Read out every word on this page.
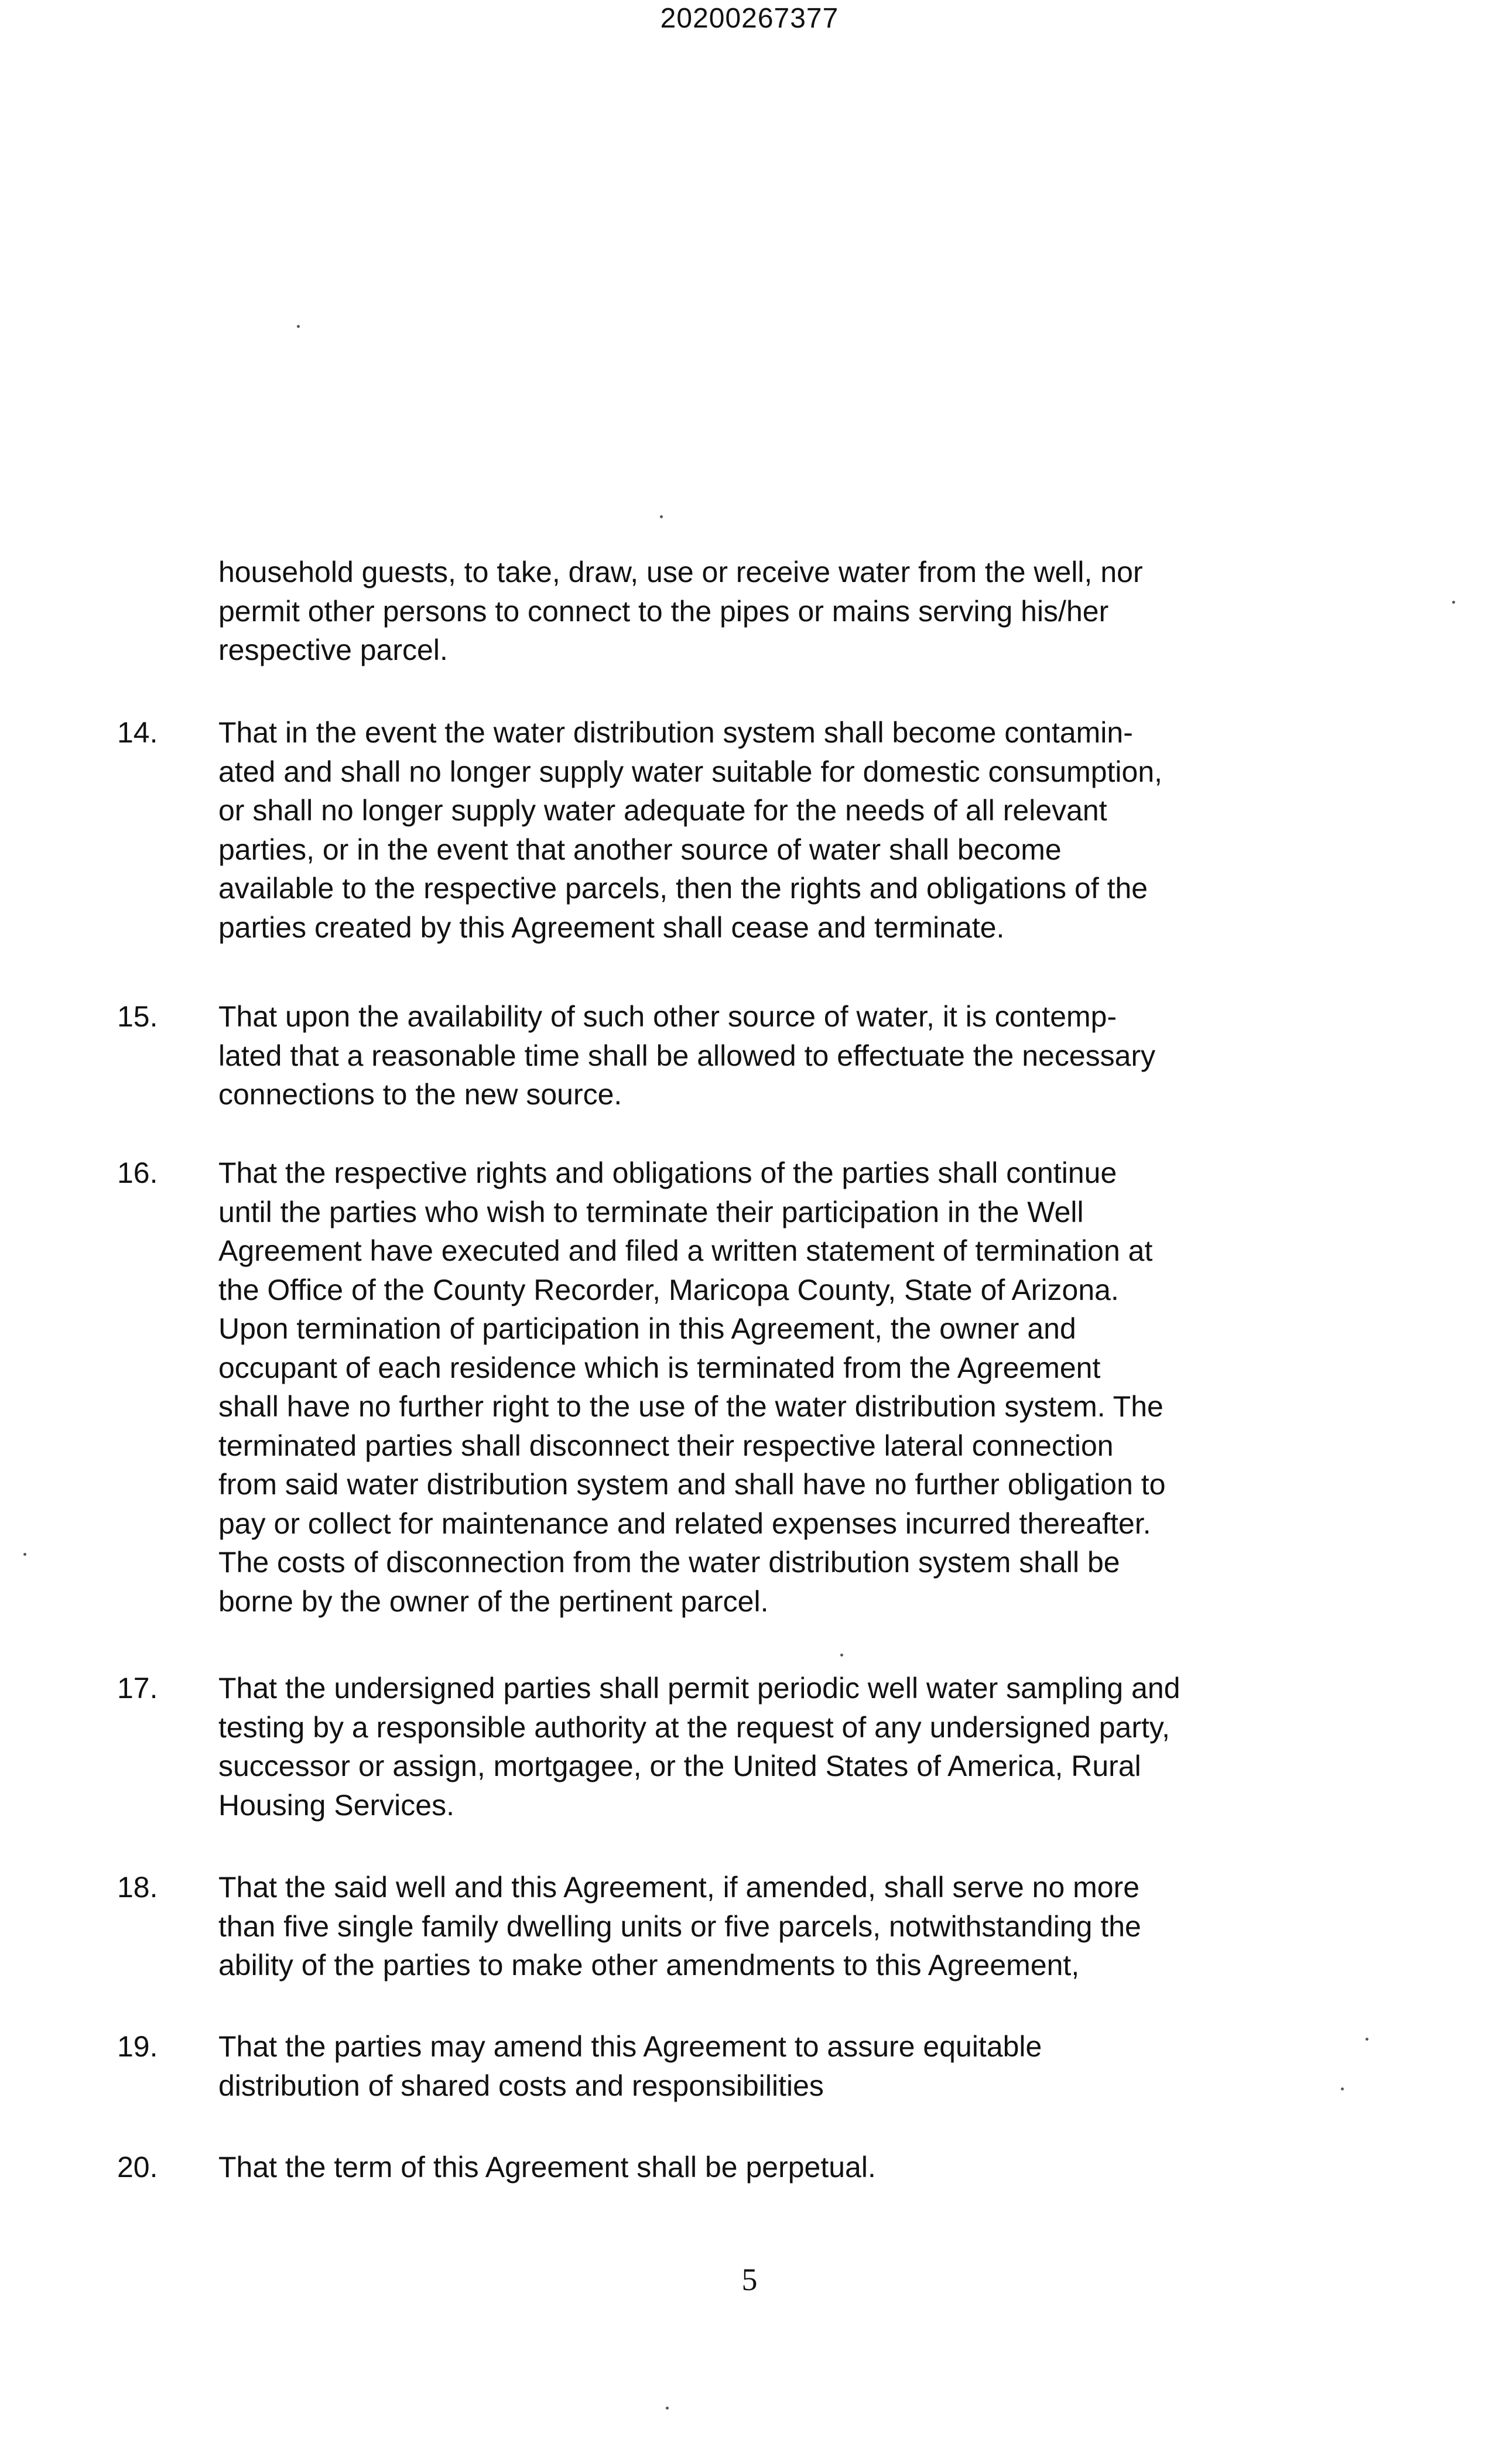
20200267377
household guests, to take, draw, use or receive water from the well, nor
permit other persons to connect to the pipes or mains serving his/her
respective parcel.
14. That in the event the water distribution system shall become contamin-
ated and shall no longer supply water suitable for domestic consumption,
or shall no longer supply water adequate for the needs of all relevant
parties, or in the event that another source of water shall become
available to the respective parcels, then the rights and obligations of the
parties created by this Agreement shall cease and terminate.
15. That upon the availability of such other source of water, it is contemp-
lated that a reasonable time shall be allowed to effectuate the necessary
connections to the new source.
16. That the respective rights and obligations of the parties shall continue
until the parties who wish to terminate their participation in the Well
Agreement have executed and filed a written statement of termination at
the Office of the County Recorder, Maricopa County, State of Arizona.
Upon termination of participation in this Agreement, the owner and
occupant of each residence which is terminated from the Agreement
shall have no further right to the use of the water distribution system. The
terminated parties shall disconnect their respective lateral connection
from said water distribution system and shall have no further obligation to
pay or collect for maintenance and related expenses incurred thereafter.
The costs of disconnection from the water distribution system shall be
borne by the owner of the pertinent parcel.
17. That the undersigned parties shall permit periodic well water sampling and
testing by a responsible authority at the request of any undersigned party,
successor or assign, mortgagee, or the United States of America, Rural
Housing Services.
18. That the said well and this Agreement, if amended, shall serve no more
than five single family dwelling units or five parcels, notwithstanding the
ability of the parties to make other amendments to this Agreement,
19. That the parties may amend this Agreement to assure equitable
distribution of shared costs and responsibilities
20. That the term of this Agreement shall be perpetual.
5
